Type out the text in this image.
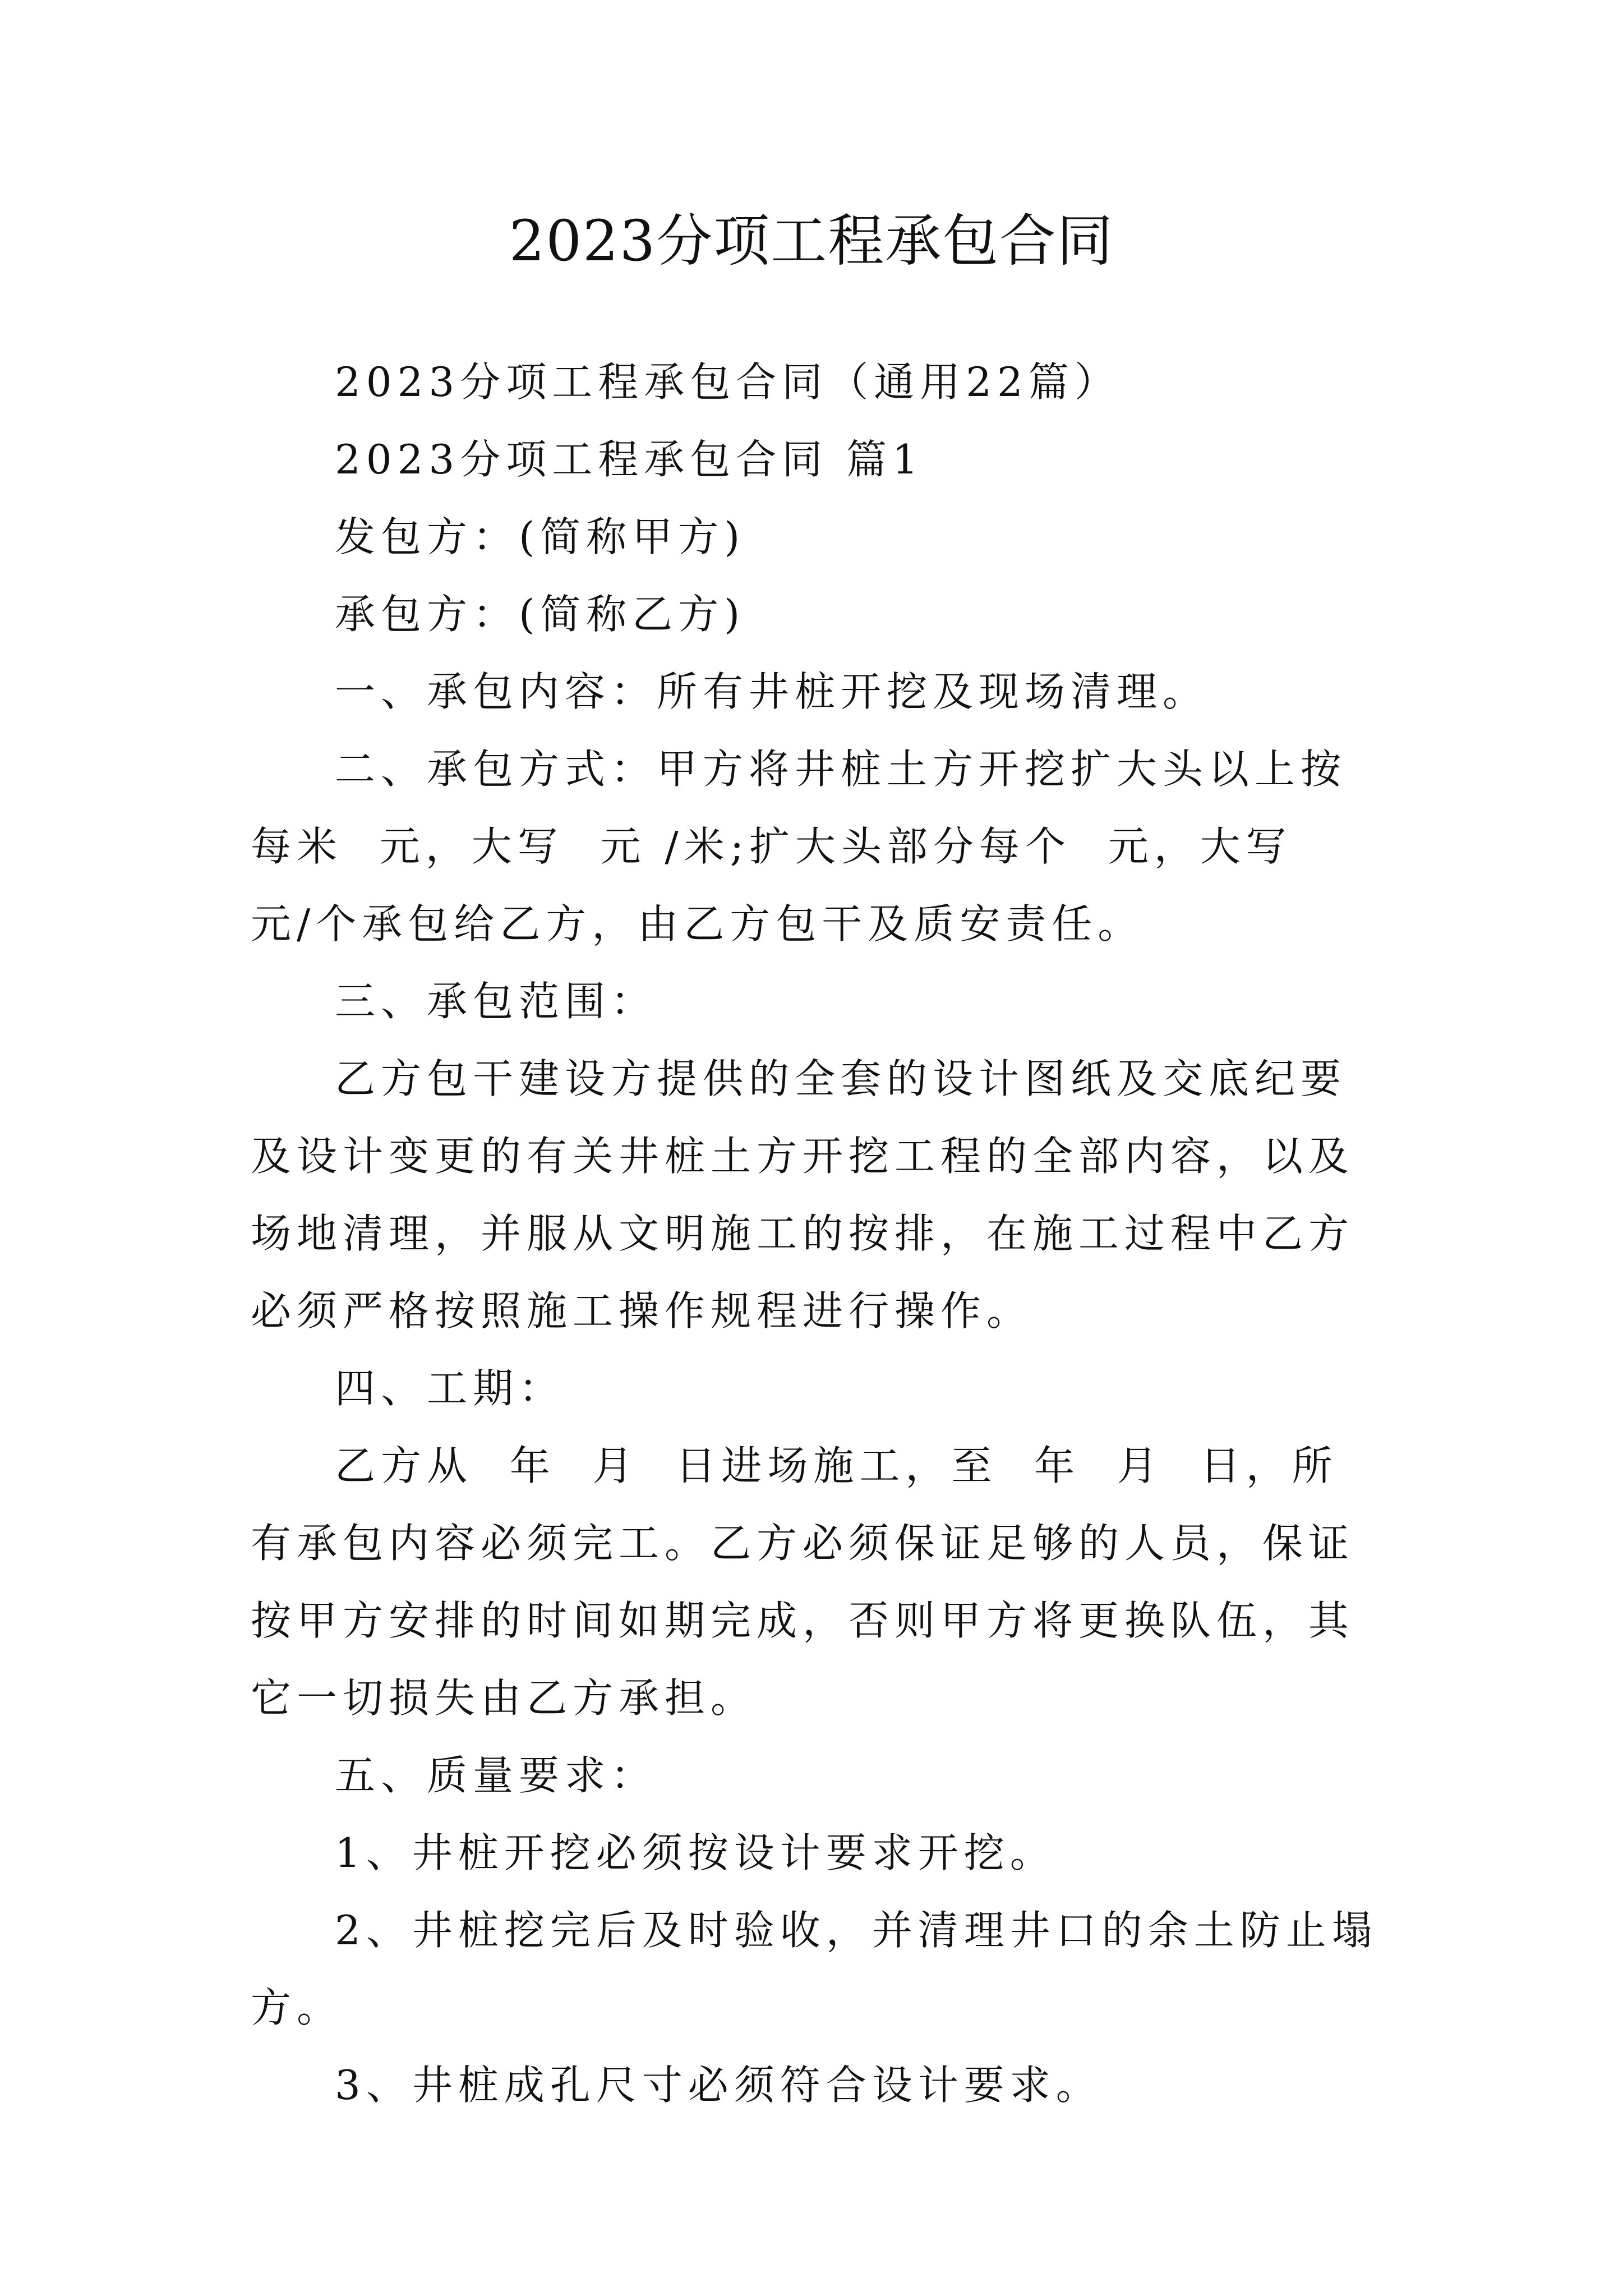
2023分项工程承包合同

2023分项工程承包合同（通用22篇）

2023分项工程承包合同 篇1

发包方：(简称甲方)

承包方：(简称乙方)

一、承包内容：所有井桩开挖及现场清理。

二、承包方式：甲方将井桩土方开挖扩大头以上按每米  元，大写  元 /米;扩大头部分每个  元，大写  元/个承包给乙方，由乙方包干及质安责任。

三、承包范围：

乙方包干建设方提供的全套的设计图纸及交底纪要及设计变更的有关井桩土方开挖工程的全部内容，以及场地清理，并服从文明施工的按排，在施工过程中乙方必须严格按照施工操作规程进行操作。

四、工期：

乙方从  年  月  日进场施工，至  年  月  日，所有承包内容必须完工。乙方必须保证足够的人员，保证按甲方安排的时间如期完成，否则甲方将更换队伍，其它一切损失由乙方承担。

五、质量要求：

1、井桩开挖必须按设计要求开挖。

2、井桩挖完后及时验收，并清理井口的余土防止塌方。

3、井桩成孔尺寸必须符合设计要求。
